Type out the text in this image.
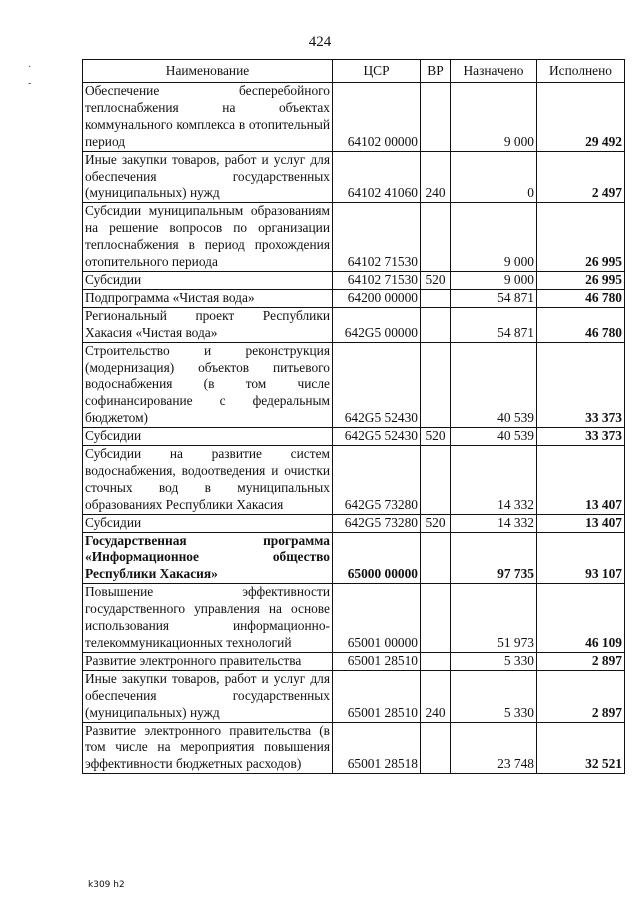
424
·
-
Наименование	ЦСР	ВР	Назначено	Исполнено
Обеспечение бесперебойного теплоснабжения на объектах коммунального комплекса в отопительный период	64102 00000		9 000	29 492
Иные закупки товаров, работ и услуг для обеспечения государственных (муниципальных) нужд	64102 41060	240	0	2 497
Субсидии муниципальным образованиям на решение вопросов по организации теплоснабжения в период прохождения отопительного периода	64102 71530		9 000	26 995
Субсидии	64102 71530	520	9 000	26 995
Подпрограмма «Чистая вода»	64200 00000		54 871	46 780
Региональный проект Республики Хакасия «Чистая вода»	642G5 00000		54 871	46 780
Строительство и реконструкция (модернизация) объектов питьевого водоснабжения (в том числе софинансирование с федеральным бюджетом)	642G5 52430		40 539	33 373
Субсидии	642G5 52430	520	40 539	33 373
Субсидии на развитие систем водоснабжения, водоотведения и очистки сточных вод в муниципальных образованиях Республики Хакасия	642G5 73280		14 332	13 407
Субсидии	642G5 73280	520	14 332	13 407
Государственная программа «Информационное общество Республики Хакасия»	65000 00000		97 735	93 107
Повышение эффективности государственного управления на основе использования информационно-телекоммуникационных технологий	65001 00000		51 973	46 109
Развитие электронного правительства	65001 28510		5 330	2 897
Иные закупки товаров, работ и услуг для обеспечения государственных (муниципальных) нужд	65001 28510	240	5 330	2 897
Развитие электронного правительства (в том числе на мероприятия повышения эффективности бюджетных расходов)	65001 28518		23 748	32 521
k309 h2
